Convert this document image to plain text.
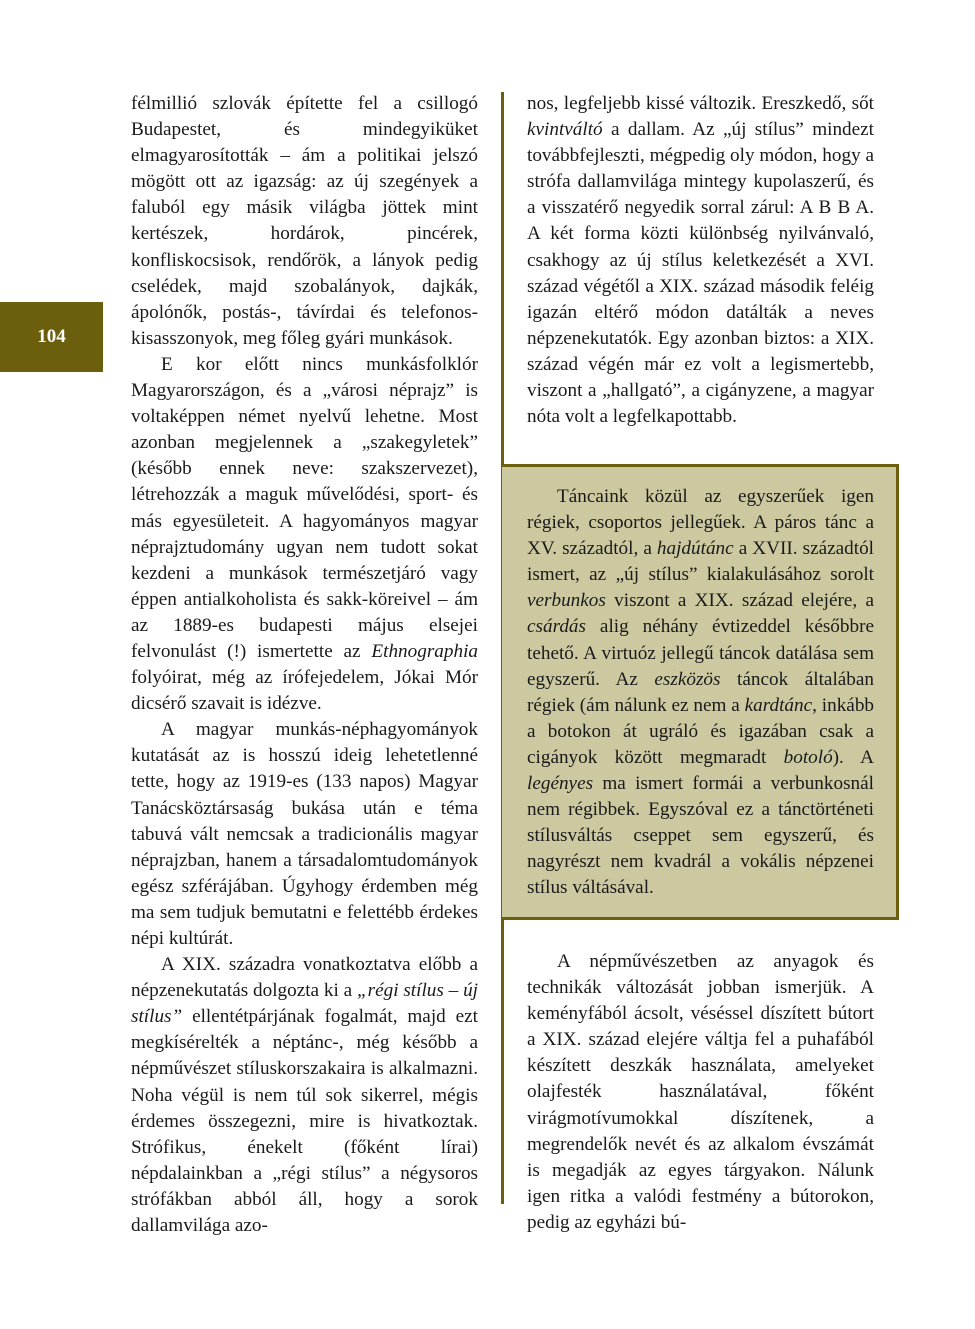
104

félmillió szlovák építette fel a csillogó Budapestet, és mindegyiküket elmagyarosították – ám a politikai jelszó mögött ott az igazság: az új szegények a faluból egy másik világba jöttek mint kertészek, hordárok, pincérek, konfliskocsisok, rendőrök, a lányok pedig cselédek, majd szobalányok, dajkák, ápolónők, postás-, távírdai és telefonos-kisasszonyok, meg főleg gyári munkások.

E kor előtt nincs munkásfolklór Magyarországon, és a „városi néprajz” is voltaképpen német nyelvű lehetne. Most azonban megjelennek a „szakegyletek” (később ennek neve: szakszervezet), létrehozzák a maguk művelődési, sport- és más egyesületeit. A hagyományos magyar néprajztudomány ugyan nem tudott sokat kezdeni a munkások természetjáró vagy éppen antialkoholista és sakk-köreivel – ám az 1889-es budapesti május elsejei felvonulást (!) ismertette az Ethnographia folyóirat, még az írófejedelem, Jókai Mór dicsérő szavait is idézve.

A magyar munkás-néphagyományok kutatását az is hosszú ideig lehetetlenné tette, hogy az 1919-es (133 napos) Magyar Tanácsköztársaság bukása után e téma tabuvá vált nemcsak a tradicionális magyar néprajzban, hanem a társadalomtudományok egész szférájában. Úgyhogy érdemben még ma sem tudjuk bemutatni e felettébb érdekes népi kultúrát.

A XIX. századra vonatkoztatva előbb a népzenekutatás dolgozta ki a „régi stílus – új stílus” ellentétpárjának fogalmát, majd ezt megkísérelték a néptánc-, még később a népművészet stíluskorszakaira is alkalmazni. Noha végül is nem túl sok sikerrel, mégis érdemes összegezni, mire is hivatkoztak. Strófikus, énekelt (főként lírai) népdalainkban a „régi stílus” a négysoros strófákban abból áll, hogy a sorok dallamvilága azo-

nos, legfeljebb kissé változik. Ereszkedő, sőt kvintváltó a dallam. Az „új stílus” mindezt továbbfejleszti, mégpedig oly módon, hogy a strófa dallamvilága mintegy kupolaszerű, és a visszatérő negyedik sorral zárul: A B B A. A két forma közti különbség nyilvánvaló, csakhogy az új stílus keletkezését a XVI. század végétől a XIX. század második feléig igazán eltérő módon datálták a neves népzenekutatók. Egy azonban biztos: a XIX. század végén már ez volt a legismertebb, viszont a „hallgató”, a cigányzene, a magyar nóta volt a legfelkapottabb.

Táncaink közül az egyszerűek igen régiek, csoportos jellegűek. A páros tánc a XV. századtól, a hajdútánc a XVII. századtól ismert, az „új stílus” kialakulásához sorolt verbunkos viszont a XIX. század elejére, a csárdás alig néhány évtizeddel későbbre tehető. A virtuóz jellegű táncok datálása sem egyszerű. Az eszközös táncok általában régiek (ám nálunk ez nem a kardtánc, inkább a botokon át ugráló és igazában csak a cigányok között megmaradt botoló). A legényes ma ismert formái a verbunkosnál nem régibbek. Egyszóval ez a tánctörténeti stílusváltás cseppet sem egyszerű, és nagyrészt nem kvadrál a vokális népzenei stílus váltásával.

A népművészetben az anyagok és technikák változását jobban ismerjük. A keményfából ácsolt, véséssel díszített bútort a XIX. század elejére váltja fel a puhafából készített deszkák használata, amelyeket olajfesték használatával, főként virágmotívumokkal díszítenek, a megrendelők nevét és az alkalom évszámát is megadják az egyes tárgyakon. Nálunk igen ritka a valódi festmény a bútorokon, pedig az egyházi bú-
